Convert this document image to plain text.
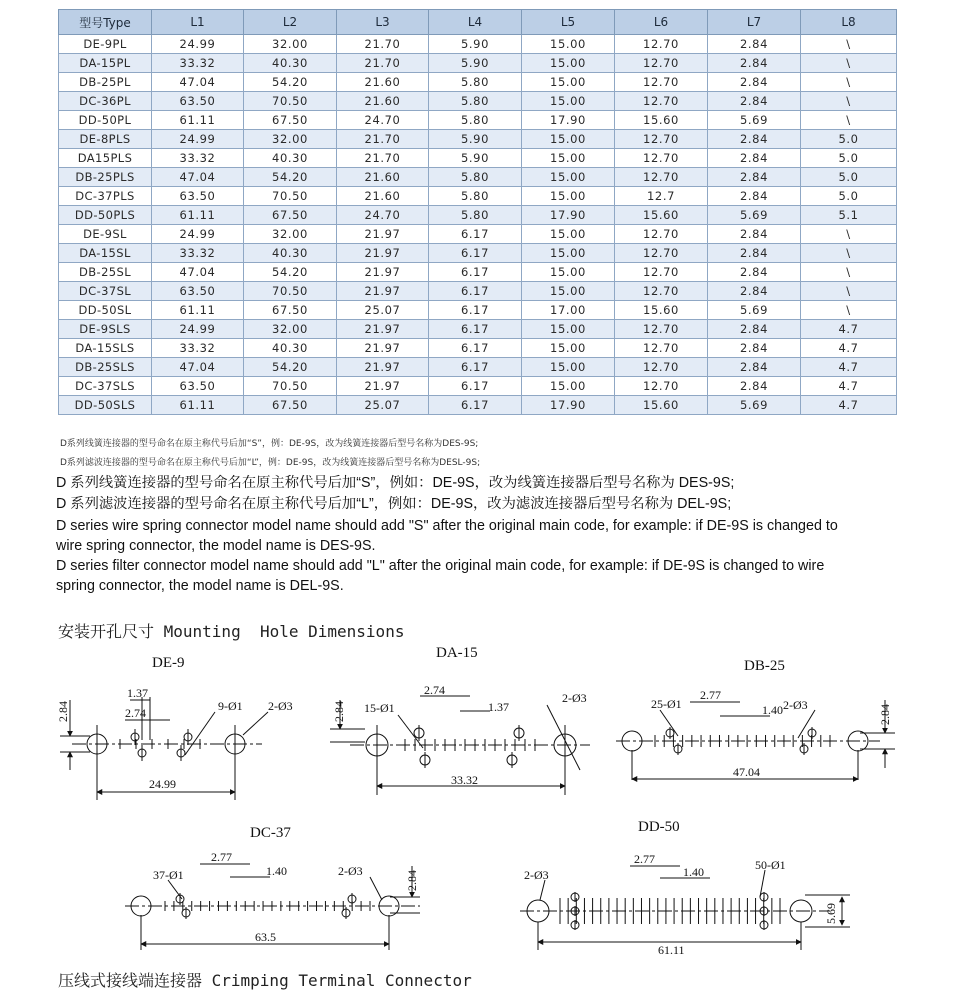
型号Type	L1	L2	L3	L4	L5	L6	L7	L8
DE-9PL	24.99	32.00	21.70	5.90	15.00	12.70	2.84	\
DA-15PL	33.32	40.30	21.70	5.90	15.00	12.70	2.84	\
DB-25PL	47.04	54.20	21.60	5.80	15.00	12.70	2.84	\
DC-36PL	63.50	70.50	21.60	5.80	15.00	12.70	2.84	\
DD-50PL	61.11	67.50	24.70	5.80	17.90	15.60	5.69	\
DE-8PLS	24.99	32.00	21.70	5.90	15.00	12.70	2.84	5.0
DA15PLS	33.32	40.30	21.70	5.90	15.00	12.70	2.84	5.0
DB-25PLS	47.04	54.20	21.60	5.80	15.00	12.70	2.84	5.0
DC-37PLS	63.50	70.50	21.60	5.80	15.00	12.7	2.84	5.0
DD-50PLS	61.11	67.50	24.70	5.80	17.90	15.60	5.69	5.1
DE-9SL	24.99	32.00	21.97	6.17	15.00	12.70	2.84	\
DA-15SL	33.32	40.30	21.97	6.17	15.00	12.70	2.84	\
DB-25SL	47.04	54.20	21.97	6.17	15.00	12.70	2.84	\
DC-37SL	63.50	70.50	21.97	6.17	15.00	12.70	2.84	\
DD-50SL	61.11	67.50	25.07	6.17	17.00	15.60	5.69	\
DE-9SLS	24.99	32.00	21.97	6.17	15.00	12.70	2.84	4.7
DA-15SLS	33.32	40.30	21.97	6.17	15.00	12.70	2.84	4.7
DB-25SLS	47.04	54.20	21.97	6.17	15.00	12.70	2.84	4.7
DC-37SLS	63.50	70.50	21.97	6.17	15.00	12.70	2.84	4.7
DD-50SLS	61.11	67.50	25.07	6.17	17.90	15.60	5.69	4.7
D系列线簧连接器的型号命名在原主称代号后加“S”，例：DE-9S，改为线簧连接器后型号名称为DES-9S;
D系列滤波连接器的型号命名在原主称代号后加“L”，例：DE-9S，改为线簧连接器后型号名称为DESL-9S;
D 系列线簧连接器的型号命名在原主称代号后加“S”，例如：DE-9S，改为线簧连接器后型号名称为 DES-9S;
D 系列滤波连接器的型号命名在原主称代号后加“L”，例如：DE-9S，改为滤波连接器后型号名称为 DEL-9S;
D series wire spring connector model name should add "S" after the original main code, for example: if DE-9S is changed to
wire spring connector, the model name is DES-9S.
D series filter connector model name should add "L" after the original main code, for example: if DE-9S is changed to wire
spring connector, the model name is DEL-9S.
安装开孔尺寸 Mounting  Hole Dimensions
压线式接线端连接器 Crimping Terminal Connector
DE-9
2.84
24.99
1.37
2.74	9-Ø1 2-Ø3
DA-15
2.84
33.32
2.74
1.37
15-Ø1
2-Ø3
DB-25
2.84
47.04
2.77
1.40
25-Ø1	2-Ø3
DC-37
2.84
63.5
2.77
1.40
37-Ø1	2-Ø3
DD-50
5.69
61.11
2.77
1.40	50-Ø1
2-Ø3
